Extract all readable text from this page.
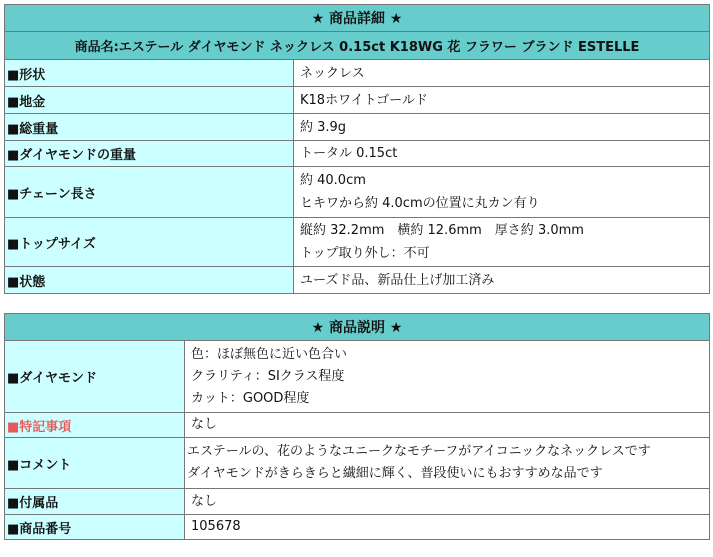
★ 商品詳細 ★	
商品名:エステール ダイヤモンド ネックレス 0.15ct K18WG 花 フラワー ブランド ESTELLE	
■形状	ネックレス

■地金	K18ホワイトゴールド

■総重量	約 3.9g

■ダイヤモンドの重量	トータル 0.15ct

■チェーン長さ	約 40.0cm
ヒキワから約 4.0cmの位置に丸カン有り

■トップサイズ	縦約 32.2mm　横約 12.6mm　厚さ約 3.0mm
トップ取り外し：不可

■状態	ユーズド品、新品仕上げ加工済み
★ 商品説明 ★	
■ダイヤモンド	色：ほぼ無色に近い色合い
クラリティ：SIクラス程度
カット：GOOD程度

■特記事項	なし

■コメント	エステールの、花のようなユニークなモチーフがアイコニックなネックレスです
ダイヤモンドがきらきらと繊細に輝く、普段使いにもおすすめな品です

■付属品	なし

■商品番号	105678
